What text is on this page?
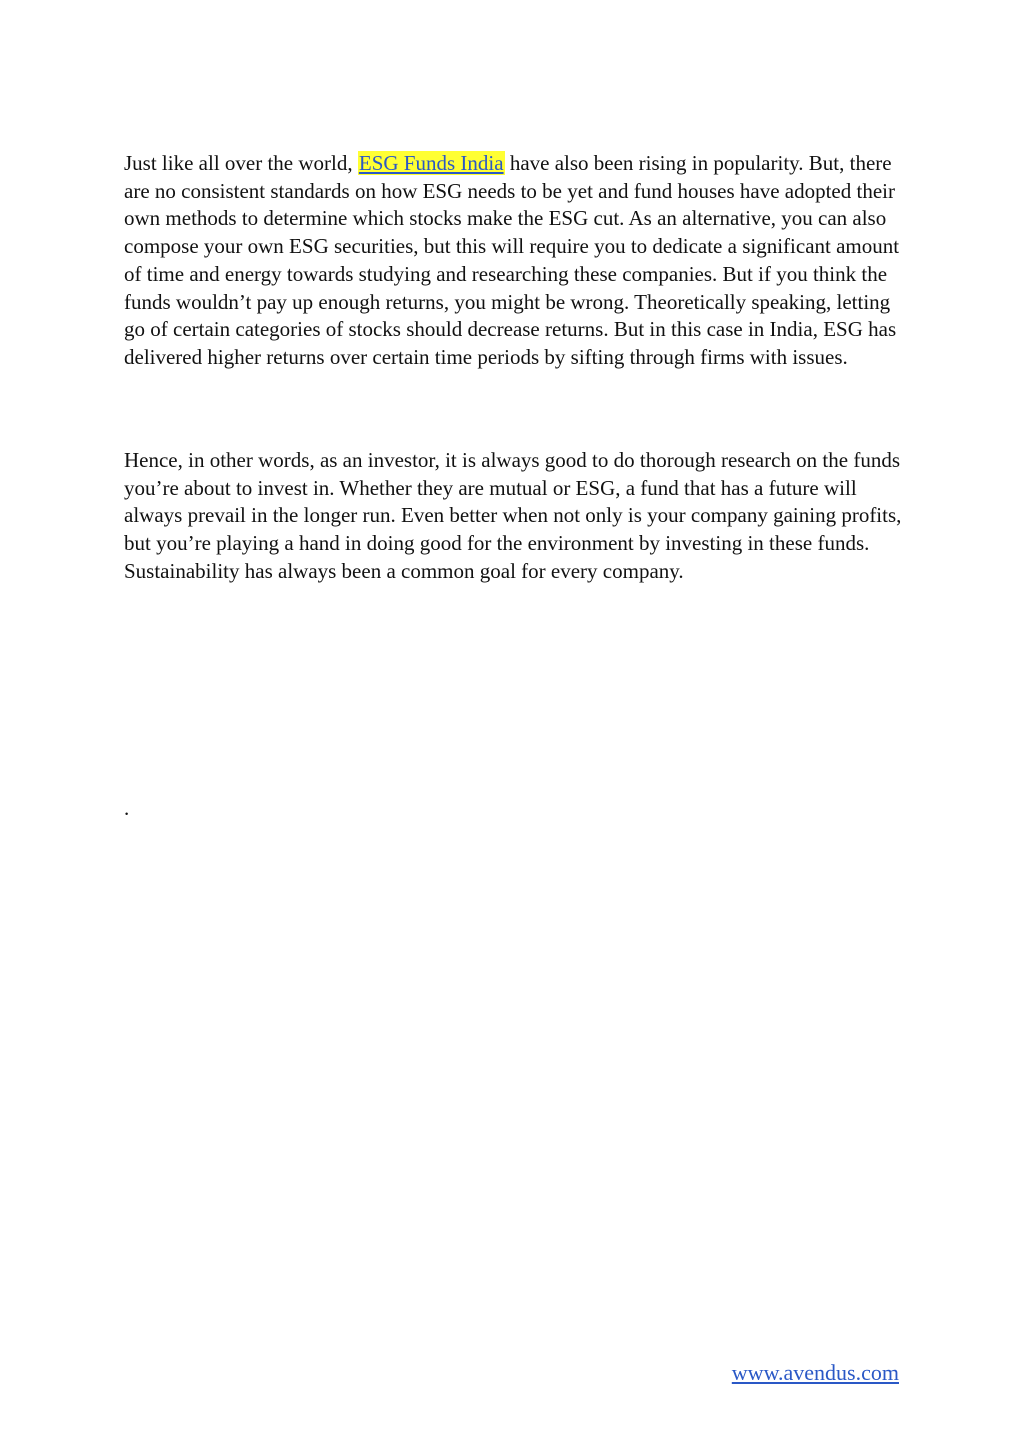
Just like all over the world, ESG Funds India have also been rising in popularity. But, there are no consistent standards on how ESG needs to be yet and fund houses have adopted their own methods to determine which stocks make the ESG cut. As an alternative, you can also compose your own ESG securities, but this will require you to dedicate a significant amount of time and energy towards studying and researching these companies. But if you think the funds wouldn’t pay up enough returns, you might be wrong. Theoretically speaking, letting go of certain categories of stocks should decrease returns. But in this case in India, ESG has delivered higher returns over certain time periods by sifting through firms with issues.

Hence, in other words, as an investor, it is always good to do thorough research on the funds you’re about to invest in. Whether they are mutual or ESG, a fund that has a future will always prevail in the longer run. Even better when not only is your company gaining profits, but you’re playing a hand in doing good for the environment by investing in these funds. Sustainability has always been a common goal for every company.

.
www.avendus.com
